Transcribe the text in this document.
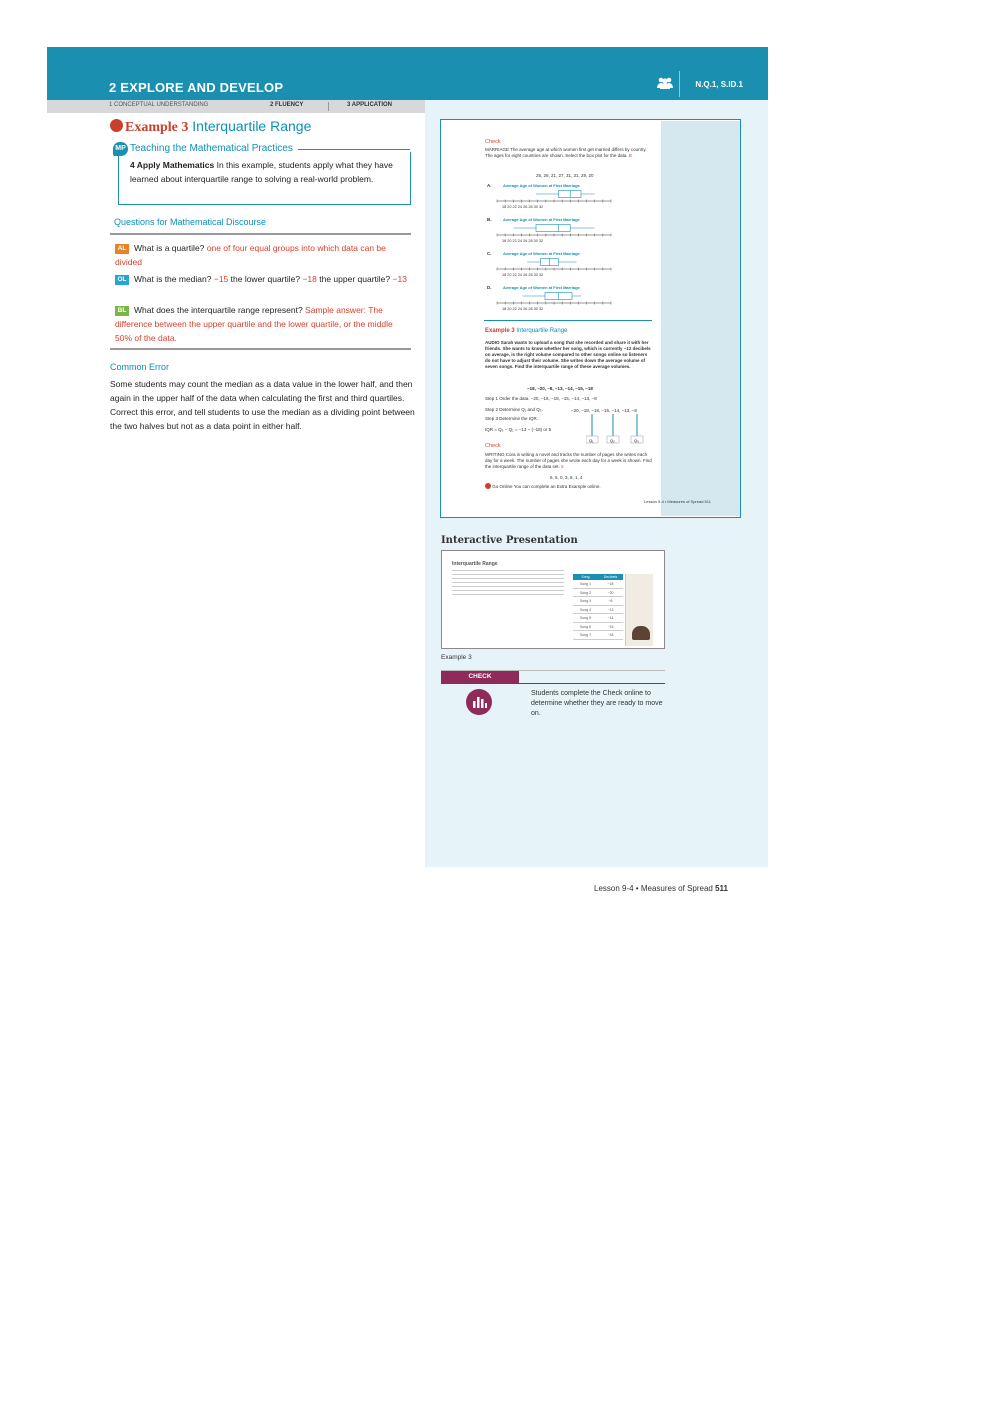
2 EXPLORE AND DEVELOP	N.Q.1, S.ID.1
1 CONCEPTUAL UNDERSTANDING	2 FLUENCY	3 APPLICATION
Example 3 Interquartile Range
MP Teaching the Mathematical Practices
4 Apply Mathematics In this example, students apply what they have learned about interquartile range to solving a real-world problem.
Questions for Mathematical Discourse
AL What is a quartile? one of four equal groups into which data can be divided
OL What is the median? −15 the lower quartile? −18 the upper quartile? −13
BL What does the interquartile range represent? Sample answer: The difference between the upper quartile and the lower quartile, or the middle 50% of the data.
Common Error
Some students may count the median as a data value in the lower half, and then again in the upper half of the data when calculating the first and third quartiles. Correct this error, and tell students to use the median as a dividing point between the two halves but not as a data point in either half.
Check
MARRIAGE The average age at which women first get married differs by country. The ages for eight countries are shown. Select the box plot for the data. B
25, 26, 21, 27, 31, 31, 29, 20
A.	Average Age of Women at First Marriage
18 20 22 24 26 28 30 32
B.	Average Age of Women at First Marriage
18 20 22 24 26 28 30 32
C.	Average Age of Women at First Marriage
18 20 22 24 26 28 30 32
D.	Average Age of Women at First Marriage
18 20 22 24 26 28 30 32
Example 3 Interquartile Range
AUDIO Sarah wants to upload a song that she recorded and share it with her friends. She wants to know whether her song, which is currently −12 decibels on average, is the right volume compared to other songs online so listeners do not have to adjust their volume. She writes down the average volume of seven songs. Find the interquartile range of these average volumes.
−18, −20, −8, −13, −14, −15, −18
Step 1 Order the data. −20, −18, −18, −15, −14, −13, −8
Step 2 Determine Q₁ and Q₃.
Step 3 Determine the IQR.
IQR = Q₃ − Q₁ = −13 − (−18) or 5
−20, −18, −18, −15, −14, −13, −8
Q₁	Q₂	Q₃
Check
WRITING Cora is writing a novel and tracks the number of pages she writes each day for a week. The number of pages she wrote each day for a week is shown. Find the interquartile range of the data set. 5
6, 5, 0, 3, 8, 1, 4
Go Online You can complete an Extra Example online.
Lesson 9-4 • Measures of Spread 511
Interactive Presentation
Interquartile Range
Song	Decibels
Song 1	−18
Song 2	−20
Song 3	−8
Song 4	−13
Song 5	−14
Song 6	−15
Song 7	−18
Example 3
CHECK
Students complete the Check online to determine whether they are ready to move on.
Lesson 9-4 • Measures of Spread 511
